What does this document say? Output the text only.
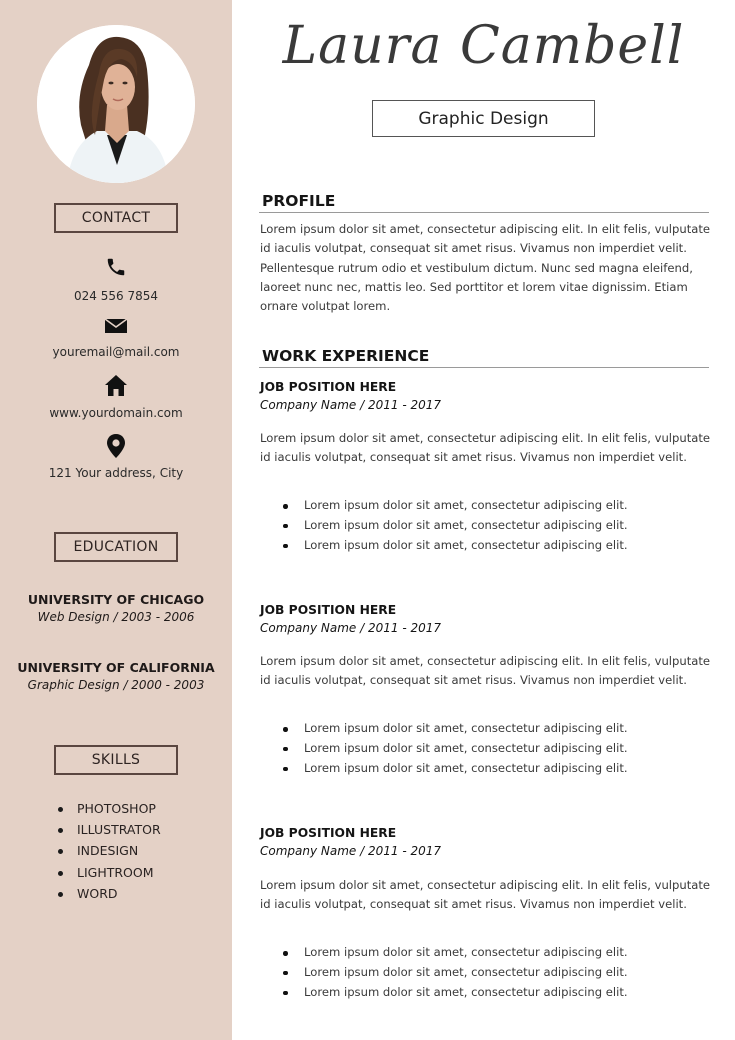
CONTACT
024 556 7854
youremail@mail.com
www.yourdomain.com
121 Your address, City
EDUCATION
UNIVERSITY OF CHICAGO
Web Design / 2003 - 2006
UNIVERSITY OF CALIFORNIA
Graphic Design / 2000 - 2003
SKILLS
PHOTOSHOP
ILLUSTRATOR
INDESIGN
LIGHTROOM
WORD
Laura Cambell
Graphic Design
PROFILE
Lorem ipsum dolor sit amet, consectetur adipiscing elit. In elit felis, vulputate id iaculis volutpat, consequat sit amet risus. Vivamus non imperdiet velit. Pellentesque rutrum odio et vestibulum dictum. Nunc sed magna eleifend, laoreet nunc nec, mattis leo. Sed porttitor et lorem vitae dignissim. Etiam ornare volutpat lorem.
WORK EXPERIENCE
JOB POSITION HERE
Company Name / 2011 - 2017
Lorem ipsum dolor sit amet, consectetur adipiscing elit. In elit felis, vulputate id iaculis volutpat, consequat sit amet risus. Vivamus non imperdiet velit.
Lorem ipsum dolor sit amet, consectetur adipiscing elit.
Lorem ipsum dolor sit amet, consectetur adipiscing elit.
Lorem ipsum dolor sit amet, consectetur adipiscing elit.
JOB POSITION HERE
Company Name / 2011 - 2017
Lorem ipsum dolor sit amet, consectetur adipiscing elit. In elit felis, vulputate id iaculis volutpat, consequat sit amet risus. Vivamus non imperdiet velit.
Lorem ipsum dolor sit amet, consectetur adipiscing elit.
Lorem ipsum dolor sit amet, consectetur adipiscing elit.
Lorem ipsum dolor sit amet, consectetur adipiscing elit.
JOB POSITION HERE
Company Name / 2011 - 2017
Lorem ipsum dolor sit amet, consectetur adipiscing elit. In elit felis, vulputate id iaculis volutpat, consequat sit amet risus. Vivamus non imperdiet velit.
Lorem ipsum dolor sit amet, consectetur adipiscing elit.
Lorem ipsum dolor sit amet, consectetur adipiscing elit.
Lorem ipsum dolor sit amet, consectetur adipiscing elit.
